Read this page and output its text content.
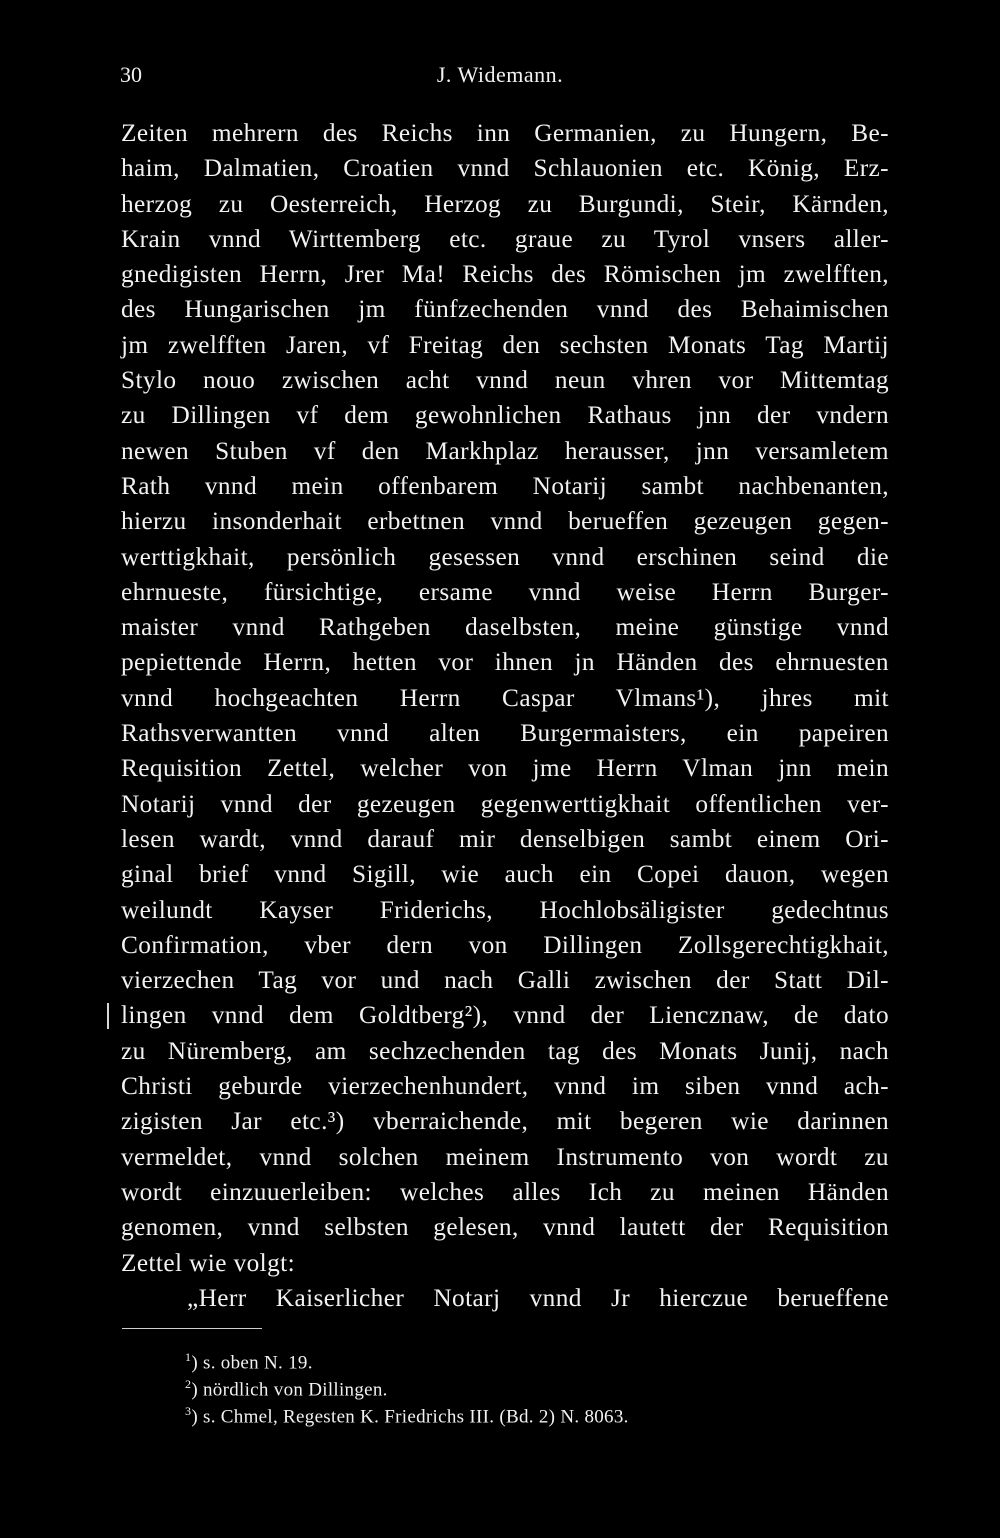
30	J. Widemann.
Zeiten mehrern des Reichs inn Germanien, zu Hungern, Be-
haim, Dalmatien, Croatien vnnd Schlauonien etc. König, Erz-
herzog zu Oesterreich, Herzog zu Burgundi, Steir, Kärnden,
Krain vnnd Wirttemberg etc. graue zu Tyrol vnsers aller-
gnedigisten Herrn, Jrer Ma! Reichs des Römischen jm zwelfften,
des Hungarischen jm fünfzechenden vnnd des Behaimischen
jm zwelfften Jaren, vf Freitag den sechsten Monats Tag Martij
Stylo nouo zwischen acht vnnd neun vhren vor Mittemtag
zu Dillingen vf dem gewohnlichen Rathaus jnn der vndern
newen Stuben vf den Markhplaz herausser, jnn versamletem
Rath vnnd mein offenbarem Notarij sambt nachbenanten,
hierzu insonderhait erbettnen vnnd berueffen gezeugen gegen-
werttigkhait, persönlich gesessen vnnd erschinen seind die
ehrnueste, fürsichtige, ersame vnnd weise Herrn Burger-
maister vnnd Rathgeben daselbsten, meine günstige vnnd
pepiettende Herrn, hetten vor ihnen jn Händen des ehrnuesten
vnnd hochgeachten Herrn Caspar Vlmans¹), jhres mit
Rathsverwantten vnnd alten Burgermaisters, ein papeiren
Requisition Zettel, welcher von jme Herrn Vlman jnn mein
Notarij vnnd der gezeugen gegenwerttigkhait offentlichen ver-
lesen wardt, vnnd darauf mir denselbigen sambt einem Ori-
ginal brief vnnd Sigill, wie auch ein Copei dauon, wegen
weilundt Kayser Friderichs, Hochlobsäligister gedechtnus
Confirmation, vber dern von Dillingen Zollsgerechtigkhait,
vierzechen Tag vor und nach Galli zwischen der Statt Dil-
lingen vnnd dem Goldtberg²), vnnd der Liencznaw, de dato
zu Nüremberg, am sechzechenden tag des Monats Junij, nach
Christi geburde vierzechenhundert, vnnd im siben vnnd ach-
zigisten Jar etc.³) vberraichende, mit begeren wie darinnen
vermeldet, vnnd solchen meinem Instrumento von wordt zu
wordt einzuuerleiben: welches alles Ich zu meinen Händen
genomen, vnnd selbsten gelesen, vnnd lautett der Requisition
Zettel wie volgt:
„Herr Kaiserlicher Notarj vnnd Jr hierczue berueffene
$^1$) s. oben N. 19.
$^2$) nördlich von Dillingen.
$^3$) s. Chmel, Regesten K. Friedrichs III. (Bd. 2) N. 8063.
